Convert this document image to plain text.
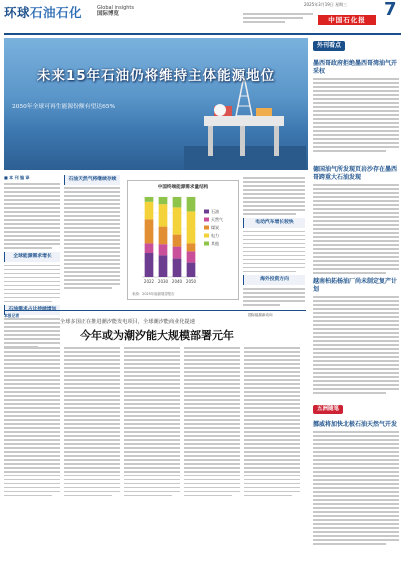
环球石油石化	Global insights
国际博览
2025年3月19日 星期三
中国石化报	7
未来15年石油仍将维持主体能源地位
2050年全球可再生能源份额有望达65%
■ 本 刊 编 译
全球能源需求增长
石油天然气将继续存续
中国终端能源需求量结构
2022 2030 2040 2050
石油
天然气
煤炭
电力
其他
来源：2025年能源展望报告
电动汽车增长较快
海外投资方向
本报记者
全球多国正在推进潮汐能发电项目，全球潮汐能商业化提速
国际能源新动向
今年或为潮汐能大规模部署元年
外刊看点
墨西哥政府拒绝墨西哥湾油气开采权
德国油气所发现页岩沙存在墨西哥跨重大石油发现
越南柏拓杨油厂尚未制定复产计划
五洲随笔
挪威将加快北极石油天然气开发
